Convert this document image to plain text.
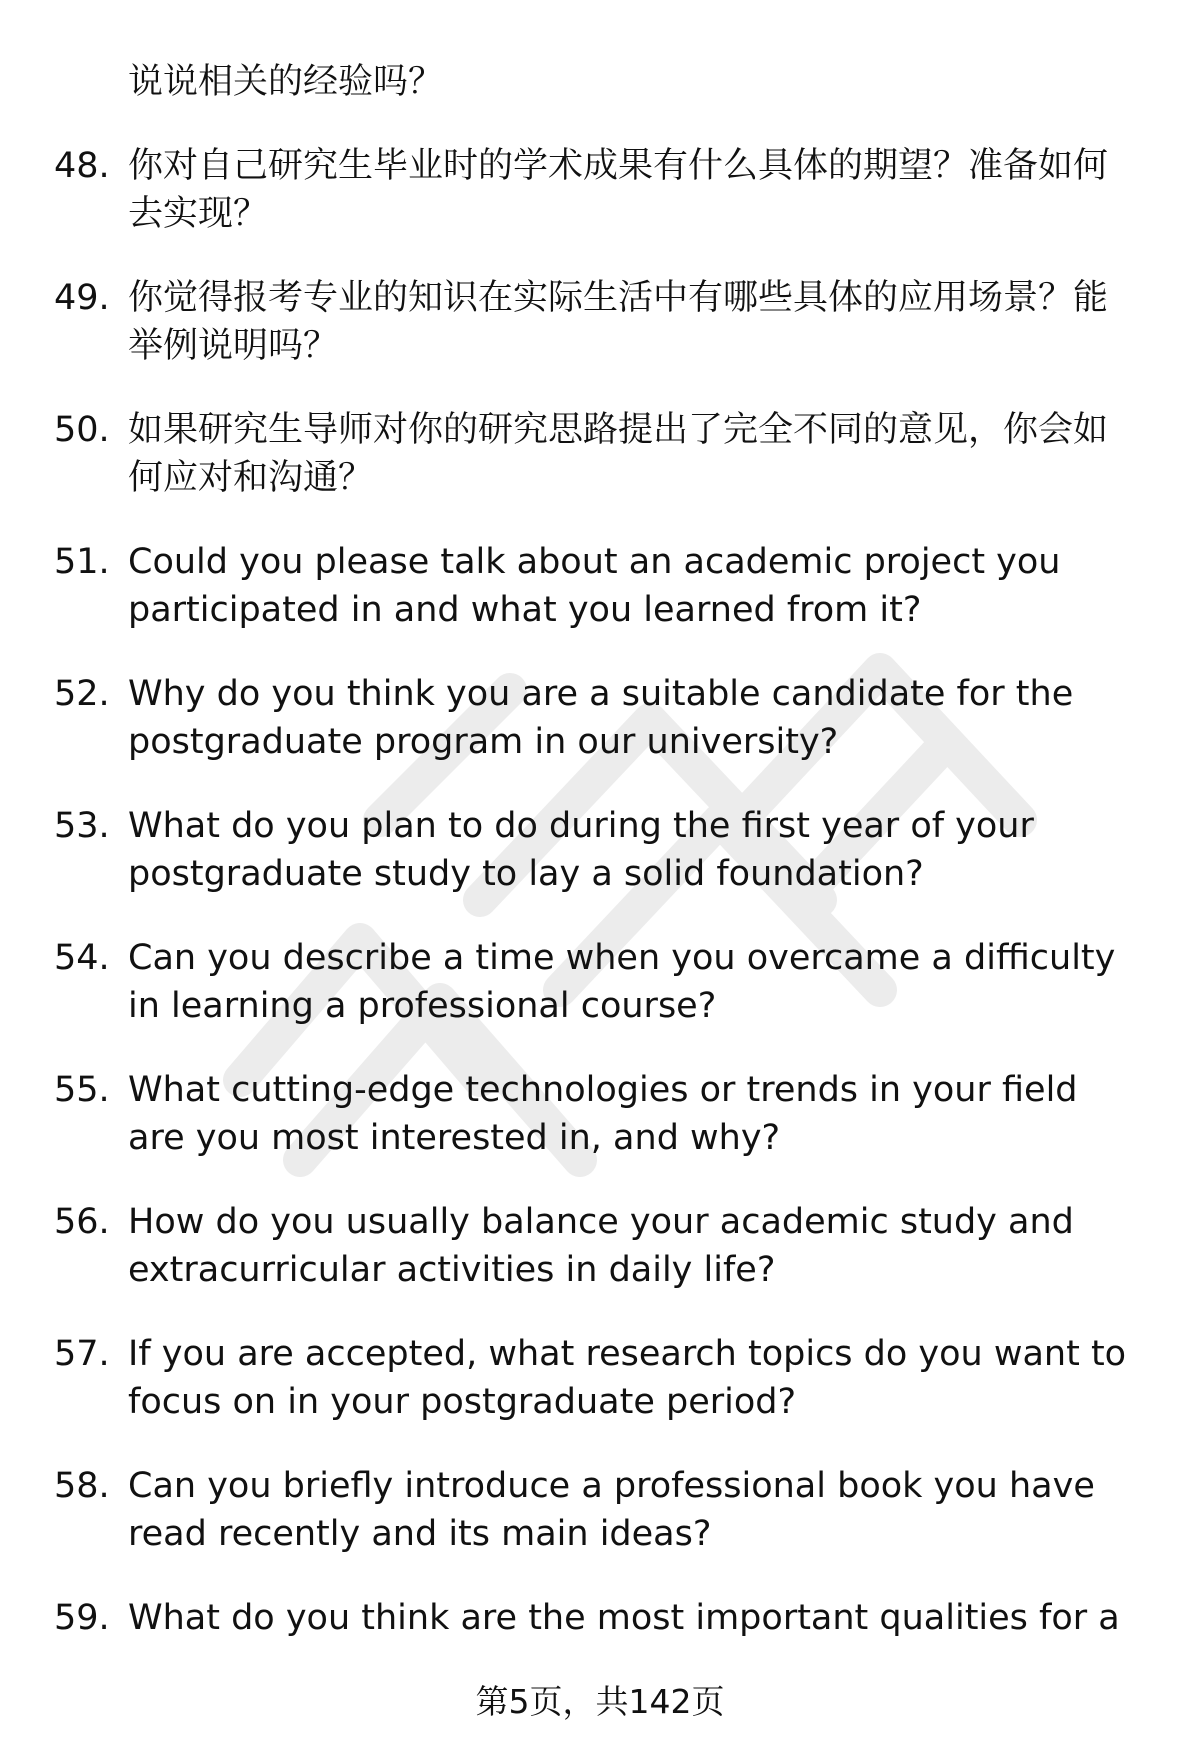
说说相关的经验吗？
48. 你对自己研究生毕业时的学术成果有什么具体的期望？准备如何去实现？
49. 你觉得报考专业的知识在实际生活中有哪些具体的应用场景？能举例说明吗？
50. 如果研究生导师对你的研究思路提出了完全不同的意见，你会如何应对和沟通？
51. Could you please talk about an academic project you participated in and what you learned from it?
52. Why do you think you are a suitable candidate for the postgraduate program in our university?
53. What do you plan to do during the first year of your postgraduate study to lay a solid foundation?
54. Can you describe a time when you overcame a difficulty in learning a professional course?
55. What cutting-edge technologies or trends in your field are you most interested in, and why?
56. How do you usually balance your academic study and extracurricular activities in daily life?
57. If you are accepted, what research topics do you want to focus on in your postgraduate period?
58. Can you briefly introduce a professional book you have read recently and its main ideas?
59. What do you think are the most important qualities for a
第5页，共142页
